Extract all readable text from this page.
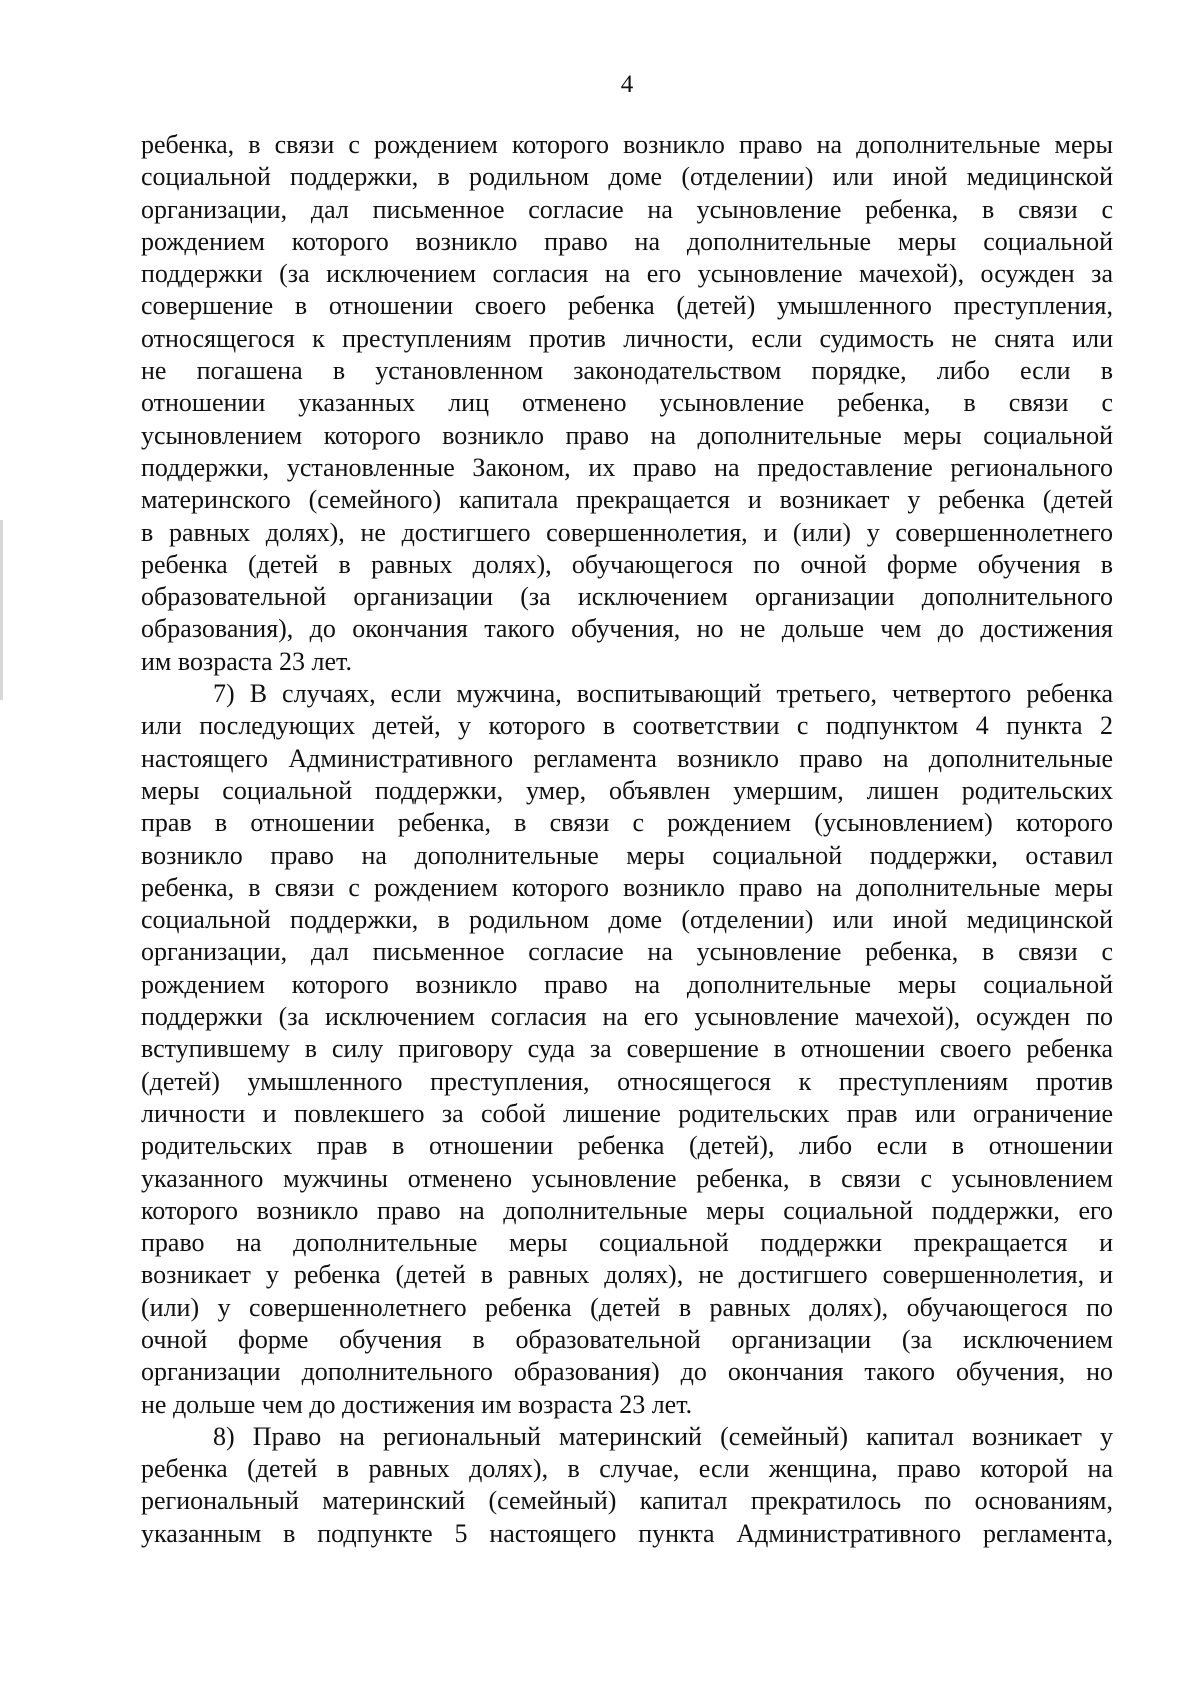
4
ребенка, в связи с рождением которого возникло право на дополнительные меры
социальной поддержки, в родильном доме (отделении) или иной медицинской
организации, дал письменное согласие на усыновление ребенка, в связи с
рождением которого возникло право на дополнительные меры социальной
поддержки (за исключением согласия на его усыновление мачехой), осужден за
совершение в отношении своего ребенка (детей) умышленного преступления,
относящегося к преступлениям против личности, если судимость не снята или
не погашена в установленном законодательством порядке, либо если в
отношении указанных лиц отменено усыновление ребенка, в связи с
усыновлением которого возникло право на дополнительные меры социальной
поддержки, установленные Законом, их право на предоставление регионального
материнского (семейного) капитала прекращается и возникает у ребенка (детей
в равных долях), не достигшего совершеннолетия, и (или) у совершеннолетнего
ребенка (детей в равных долях), обучающегося по очной форме обучения в
образовательной организации (за исключением организации дополнительного
образования), до окончания такого обучения, но не дольше чем до достижения
им возраста 23 лет.
7) В случаях, если мужчина, воспитывающий третьего, четвертого ребенка
или последующих детей, у которого в соответствии с подпунктом 4 пункта 2
настоящего Административного регламента возникло право на дополнительные
меры социальной поддержки, умер, объявлен умершим, лишен родительских
прав в отношении ребенка, в связи с рождением (усыновлением) которого
возникло право на дополнительные меры социальной поддержки, оставил
ребенка, в связи с рождением которого возникло право на дополнительные меры
социальной поддержки, в родильном доме (отделении) или иной медицинской
организации, дал письменное согласие на усыновление ребенка, в связи с
рождением которого возникло право на дополнительные меры социальной
поддержки (за исключением согласия на его усыновление мачехой), осужден по
вступившему в силу приговору суда за совершение в отношении своего ребенка
(детей) умышленного преступления, относящегося к преступлениям против
личности и повлекшего за собой лишение родительских прав или ограничение
родительских прав в отношении ребенка (детей), либо если в отношении
указанного мужчины отменено усыновление ребенка, в связи с усыновлением
которого возникло право на дополнительные меры социальной поддержки, его
право на дополнительные меры социальной поддержки прекращается и
возникает у ребенка (детей в равных долях), не достигшего совершеннолетия, и
(или) у совершеннолетнего ребенка (детей в равных долях), обучающегося по
очной форме обучения в образовательной организации (за исключением
организации дополнительного образования) до окончания такого обучения, но
не дольше чем до достижения им возраста 23 лет.
8) Право на региональный материнский (семейный) капитал возникает у
ребенка (детей в равных долях), в случае, если женщина, право которой на
региональный материнский (семейный) капитал прекратилось по основаниям,
указанным в подпункте 5 настоящего пункта Административного регламента,
